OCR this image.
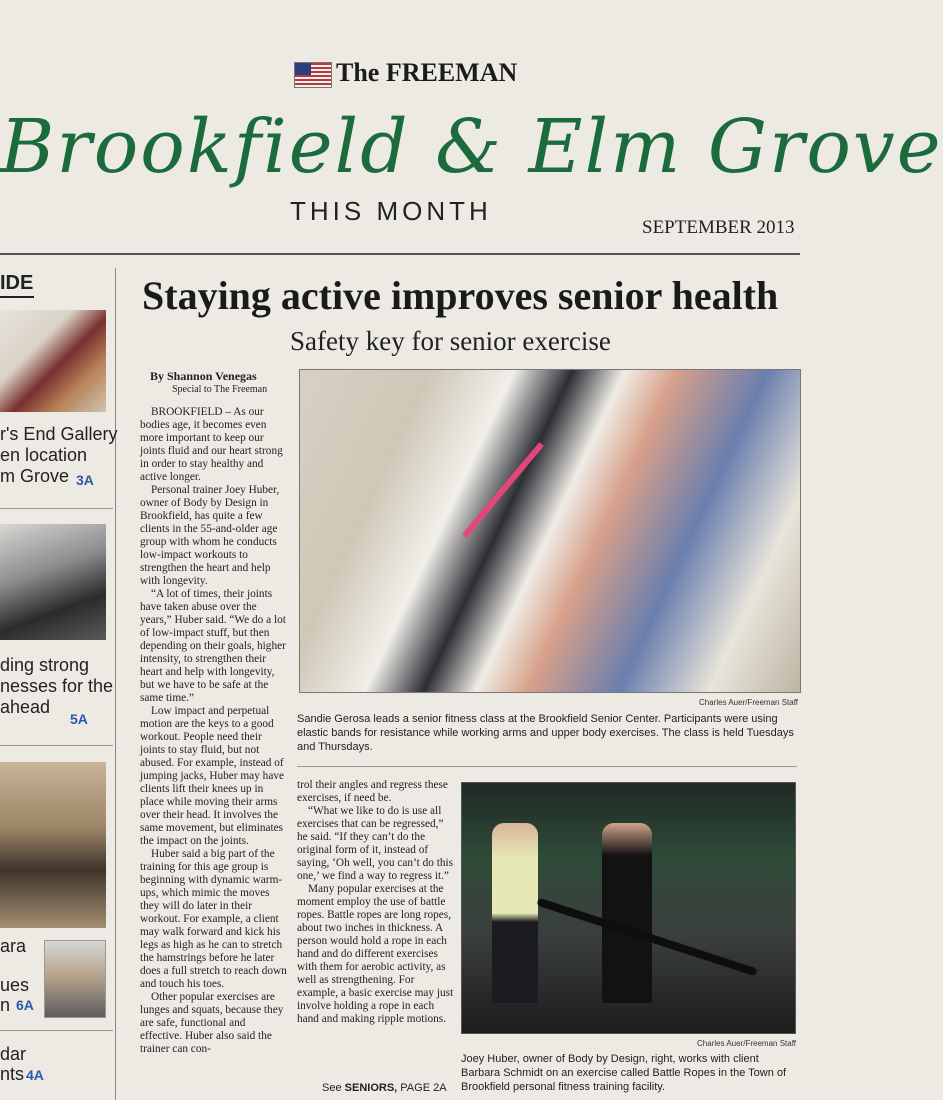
The FREEMAN
Brookfield & Elm Grove
THIS MONTH
SEPTEMBER 2013
IDE
r's End Gallery
en location
m Grove 3A
ding strong
nesses for the
ahead
5A
ara
ues
n 6A
dar
nts 4A
Staying active improves senior health
Safety key for senior exercise
By Shannon Venegas
Special to The Freeman

BROOKFIELD – As our bodies age, it becomes even more important to keep our joints fluid and our heart strong in order to stay healthy and active longer.

Personal trainer Joey Huber, owner of Body by Design in Brookfield, has quite a few clients in the 55-and-older age group with whom he conducts low-impact workouts to strengthen the heart and help with longevity.

“A lot of times, their joints have taken abuse over the years,” Huber said. “We do a lot of low-impact stuff, but then depending on their goals, higher intensity, to strengthen their heart and help with longevity, but we have to be safe at the same time.”

Low impact and perpetual motion are the keys to a good workout. People need their joints to stay fluid, but not abused. For example, instead of jumping jacks, Huber may have clients lift their knees up in place while moving their arms over their head. It involves the same movement, but eliminates the impact on the joints.

Huber said a big part of the training for this age group is beginning with dynamic warm-ups, which mimic the moves they will do later in their workout. For example, a client may walk forward and kick his legs as high as he can to stretch the hamstrings before he later does a full stretch to reach down and touch his toes.

Other popular exercises are lunges and squats, because they are safe, functional and effective. Huber also said the trainer can con-

Charles Auer/Freeman Staff
Sandie Gerosa leads a senior fitness class at the Brookfield Senior Center. Participants were using elastic bands for resistance while working arms and upper body exercises. The class is held Tuesdays and Thursdays.

trol their angles and regress these exercises, if need be.

“What we like to do is use all exercises that can be regressed,” he said. “If they can’t do the original form of it, instead of saying, ‘Oh well, you can’t do this one,’ we find a way to regress it.”

Many popular exercises at the moment employ the use of battle ropes. Battle ropes are long ropes, about two inches in thickness. A person would hold a rope in each hand and do different exercises with them for aerobic activity, as well as strengthening. For example, a basic exercise may just involve holding a rope in each hand and making ripple motions.

Charles Auer/Freeman Staff
Joey Huber, owner of Body by Design, right, works with client Barbara Schmidt on an exercise called Battle Ropes in the Town of Brookfield personal fitness training facility.
See SENIORS, PAGE 2A
